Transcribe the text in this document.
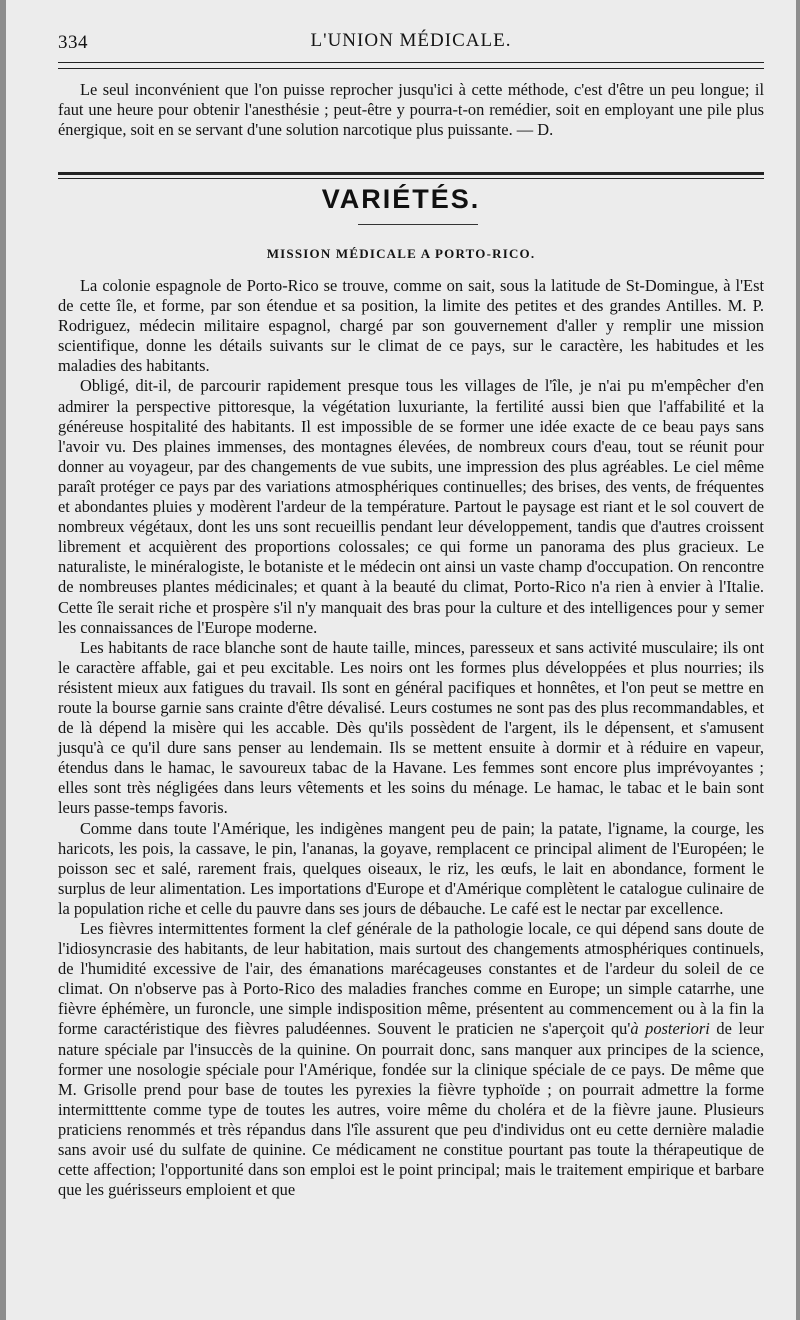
334	L'UNION MÉDICALE.

Le seul inconvénient que l'on puisse reprocher jusqu'ici à cette méthode, c'est d'être un peu longue; il faut une heure pour obtenir l'anesthésie ; peut-être y pourra-t-on remédier, soit en employant une pile plus énergique, soit en se servant d'une solution narcotique plus puissante. — D.

VARIÉTÉS.
MISSION MÉDICALE A PORTO-RICO.

La colonie espagnole de Porto-Rico se trouve, comme on sait, sous la latitude de St-Domingue, à l'Est de cette île, et forme, par son étendue et sa position, la limite des petites et des grandes Antilles. M. P. Rodriguez, médecin militaire espagnol, chargé par son gouvernement d'aller y remplir une mission scientifique, donne les détails suivants sur le climat de ce pays, sur le caractère, les habitudes et les maladies des habitants.

Obligé, dit-il, de parcourir rapidement presque tous les villages de l'île, je n'ai pu m'empêcher d'en admirer la perspective pittoresque, la végétation luxuriante, la fertilité aussi bien que l'affabilité et la généreuse hospitalité des habitants. Il est impossible de se former une idée exacte de ce beau pays sans l'avoir vu. Des plaines immenses, des montagnes élevées, de nombreux cours d'eau, tout se réunit pour donner au voyageur, par des changements de vue subits, une impression des plus agréables. Le ciel même paraît protéger ce pays par des variations atmosphériques continuelles; des brises, des vents, de fréquentes et abondantes pluies y modèrent l'ardeur de la température. Partout le paysage est riant et le sol couvert de nombreux végétaux, dont les uns sont recueillis pendant leur développement, tandis que d'autres croissent librement et acquièrent des proportions colossales; ce qui forme un panorama des plus gracieux. Le naturaliste, le minéralogiste, le botaniste et le médecin ont ainsi un vaste champ d'occupation. On rencontre de nombreuses plantes médicinales; et quant à la beauté du climat, Porto-Rico n'a rien à envier à l'Italie. Cette île serait riche et prospère s'il n'y manquait des bras pour la culture et des intelligences pour y semer les connaissances de l'Europe moderne.

Les habitants de race blanche sont de haute taille, minces, paresseux et sans activité musculaire; ils ont le caractère affable, gai et peu excitable. Les noirs ont les formes plus développées et plus nourries; ils résistent mieux aux fatigues du travail. Ils sont en général pacifiques et honnêtes, et l'on peut se mettre en route la bourse garnie sans crainte d'être dévalisé. Leurs costumes ne sont pas des plus recommandables, et de là dépend la misère qui les accable. Dès qu'ils possèdent de l'argent, ils le dépensent, et s'amusent jusqu'à ce qu'il dure sans penser au lendemain. Ils se mettent ensuite à dormir et à réduire en vapeur, étendus dans le hamac, le savoureux tabac de la Havane. Les femmes sont encore plus imprévoyantes ; elles sont très négligées dans leurs vêtements et les soins du ménage. Le hamac, le tabac et le bain sont leurs passe-temps favoris.

Comme dans toute l'Amérique, les indigènes mangent peu de pain; la patate, l'igname, la courge, les haricots, les pois, la cassave, le pin, l'ananas, la goyave, remplacent ce principal aliment de l'Européen; le poisson sec et salé, rarement frais, quelques oiseaux, le riz, les œufs, le lait en abondance, forment le surplus de leur alimentation. Les importations d'Europe et d'Amérique complètent le catalogue culinaire de la population riche et celle du pauvre dans ses jours de débauche. Le café est le nectar par excellence.

Les fièvres intermittentes forment la clef générale de la pathologie locale, ce qui dépend sans doute de l'idiosyncrasie des habitants, de leur habitation, mais surtout des changements atmosphériques continuels, de l'humidité excessive de l'air, des émanations marécageuses constantes et de l'ardeur du soleil de ce climat. On n'observe pas à Porto-Rico des maladies franches comme en Europe; un simple catarrhe, une fièvre éphémère, un furoncle, une simple indisposition même, présentent au commencement ou à la fin la forme caractéristique des fièvres paludéennes. Souvent le praticien ne s'aperçoit qu'à posteriori de leur nature spéciale par l'insuccès de la quinine. On pourrait donc, sans manquer aux principes de la science, former une nosologie spéciale pour l'Amérique, fondée sur la clinique spéciale de ce pays. De même que M. Grisolle prend pour base de toutes les pyrexies la fièvre typhoïde ; on pourrait admettre la forme intermitttente comme type de toutes les autres, voire même du choléra et de la fièvre jaune. Plusieurs praticiens renommés et très répandus dans l'île assurent que peu d'individus ont eu cette dernière maladie sans avoir usé du sulfate de quinine. Ce médicament ne constitue pourtant pas toute la thérapeutique de cette affection; l'opportunité dans son emploi est le point principal; mais le traitement empirique et barbare que les guérisseurs emploient et que
